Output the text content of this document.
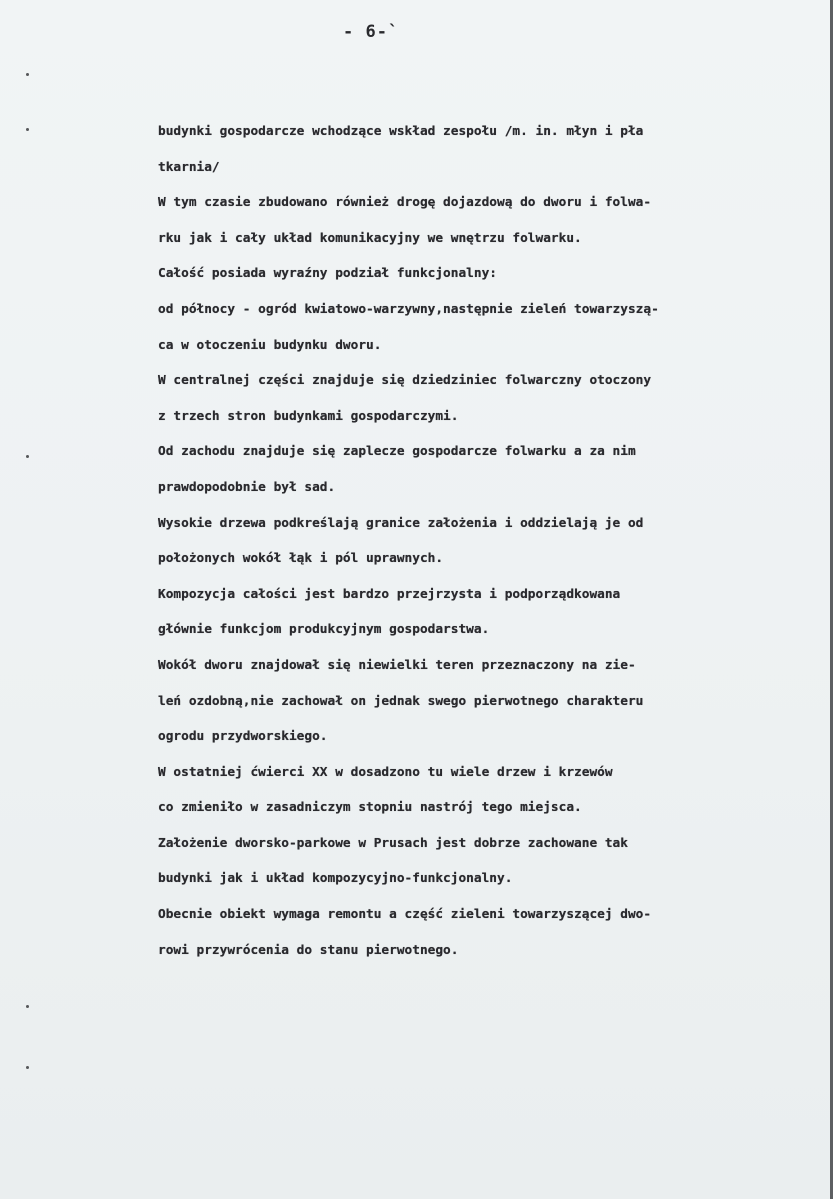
- 6-`

budynki gospodarcze wchodzące wskład zespołu /m. in. młyn i pła
tkarnia/
W tym czasie zbudowano również drogę dojazdową do dworu i folwa-
rku jak i cały układ komunikacyjny we wnętrzu folwarku.
Całość posiada wyraźny podział funkcjonalny:
od północy - ogród kwiatowo-warzywny,następnie zieleń towarzyszą-
ca w otoczeniu budynku dworu.
W centralnej części znajduje się dziedziniec folwarczny otoczony
z trzech stron budynkami gospodarczymi.
Od zachodu znajduje się zaplecze gospodarcze folwarku a za nim
prawdopodobnie był sad.
Wysokie drzewa podkreślają granice założenia i oddzielają je od
położonych wokół łąk i pól uprawnych.
Kompozycja całości jest bardzo przejrzysta i podporządkowana
głównie funkcjom produkcyjnym gospodarstwa.
Wokół dworu znajdował się niewielki teren przeznaczony na zie-
leń ozdobną,nie zachował on jednak swego pierwotnego charakteru
ogrodu przydworskiego.
W ostatniej ćwierci XX w dosadzono tu wiele drzew i krzewów
co zmieniło w zasadniczym stopniu nastrój tego miejsca.
Założenie dworsko-parkowe w Prusach jest dobrze zachowane tak
budynki jak i układ kompozycyjno-funkcjonalny.
Obecnie obiekt wymaga remontu a część zieleni towarzyszącej dwo-
rowi przywrócenia do stanu pierwotnego.
